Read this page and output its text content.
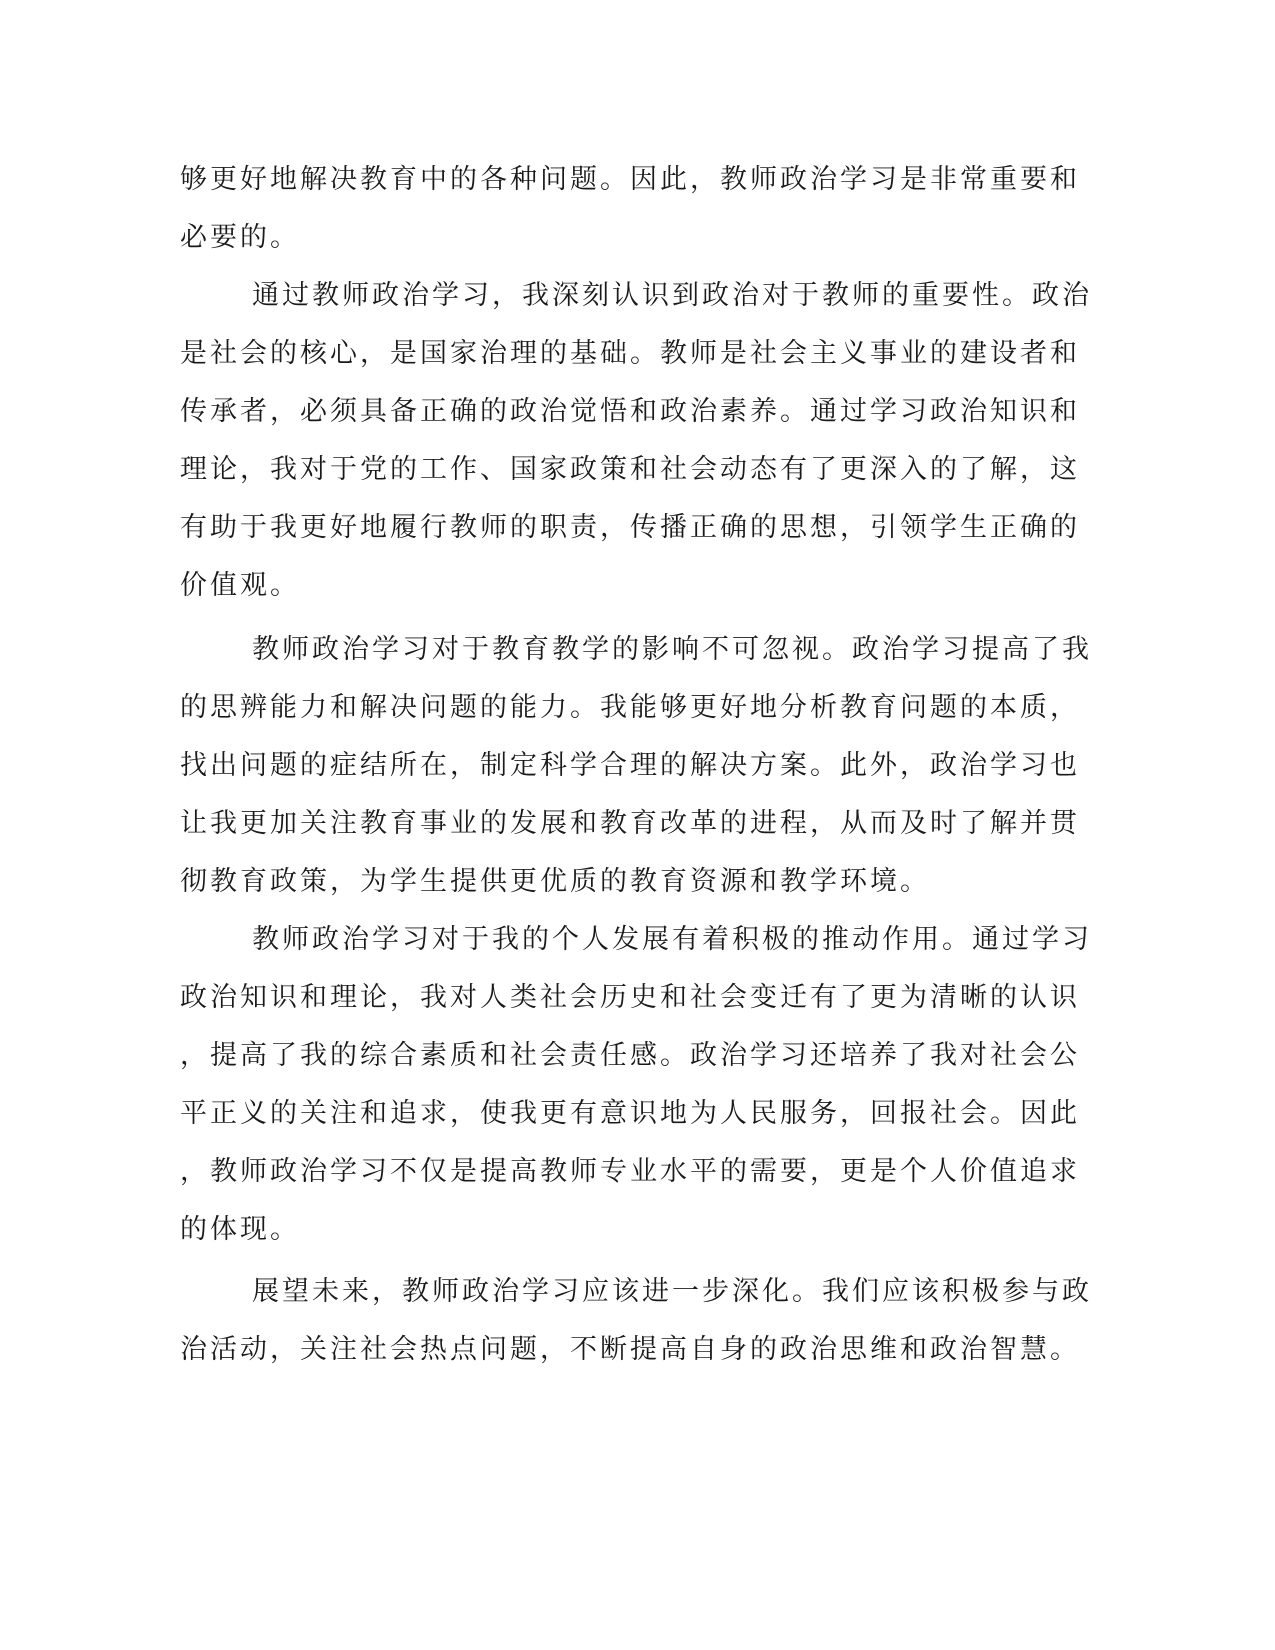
够更好地解决教育中的各种问题。因此，教师政治学习是非常重要和
必要的。
通过教师政治学习，我深刻认识到政治对于教师的重要性。政治
是社会的核心，是国家治理的基础。教师是社会主义事业的建设者和
传承者，必须具备正确的政治觉悟和政治素养。通过学习政治知识和
理论，我对于党的工作、国家政策和社会动态有了更深入的了解，这
有助于我更好地履行教师的职责，传播正确的思想，引领学生正确的
价值观。
教师政治学习对于教育教学的影响不可忽视。政治学习提高了我
的思辨能力和解决问题的能力。我能够更好地分析教育问题的本质，
找出问题的症结所在，制定科学合理的解决方案。此外，政治学习也
让我更加关注教育事业的发展和教育改革的进程，从而及时了解并贯
彻教育政策，为学生提供更优质的教育资源和教学环境。
教师政治学习对于我的个人发展有着积极的推动作用。通过学习
政治知识和理论，我对人类社会历史和社会变迁有了更为清晰的认识
，提高了我的综合素质和社会责任感。政治学习还培养了我对社会公
平正义的关注和追求，使我更有意识地为人民服务，回报社会。因此
，教师政治学习不仅是提高教师专业水平的需要，更是个人价值追求
的体现。
展望未来，教师政治学习应该进一步深化。我们应该积极参与政
治活动，关注社会热点问题，不断提高自身的政治思维和政治智慧。
